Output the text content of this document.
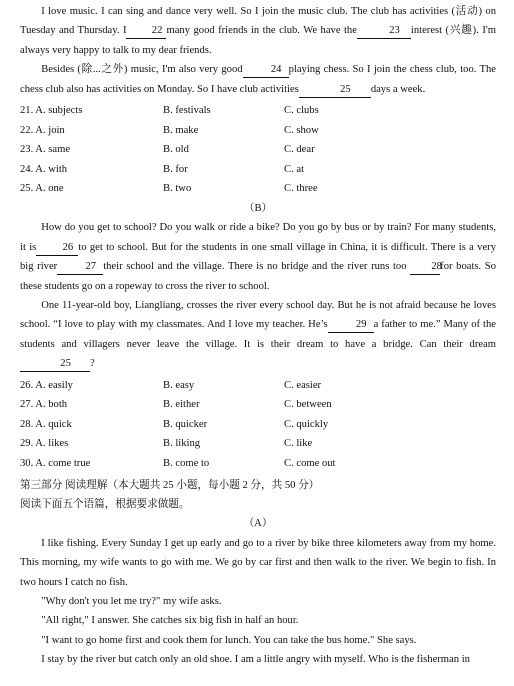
I love music. I can sing and dance very well. So I join the music club. The club has activities (活动) on Tuesday and Thursday. I 22 many good friends in the club. We have the	23 interest (兴趣). I'm always very happy to talk to my dear friends.

Besides (除...之外) music, I'm also very good	24 playing chess. So I join the chess club, too. The chess club also has activities on Monday. So I have club activities	25 days a week.

21. A. subjects	B. festivals	C. clubs
22. A. join	B. make	C. show
23. A. same	B. old	C. dear
24. A. with	B. for	C. at
25. A. one	B. two	C. three

（B）

How do you get to school? Do you walk or ride a bike? Do you go by bus or by train? For many students, it is 26 to get to school. But for the students in one small village in China, it is difficult. There is a very big river	27 their school and the village. There is no bridge and the river runs too 28for boats. So these students go on a ropeway to cross the river to school.

One 11-year-old boy, Liangliang, crosses the river every school day. But he is not afraid because he loves school. “I love to play with my classmates. And I love my teacher. He’s	29 a father to me.” Many of the students and villagers never leave the village. It is their dream to have a bridge. Can their dream25 ?

26. A. easily	B. easy	C. easier
27. A. both	B. either	C. between
28. A. quick	B. quicker	C. quickly
29. A. likes	B. liking	C. like
30. A. come true	B. come to	C. come out

第三部分 阅读理解（本大题共 25 小题，每小题 2 分，共 50 分）

阅读下面五个语篇，根据要求做题。

（A）

I like fishing. Every Sunday I get up early and go to a river by bike three kilometers away from my home. This morning, my wife wants to go with me. We go by car first and then walk to the river. We begin to fish. In two hours I catch no fish.

"Why don't you let me try?" my wife asks.

"All right," I answer. She catches six big fish in half an hour.

"I want to go home first and cook them for lunch. You can take the bus home." She says.

I stay by the river but catch only an old shoe. I am a little angry with myself. Who is the fisherman in
